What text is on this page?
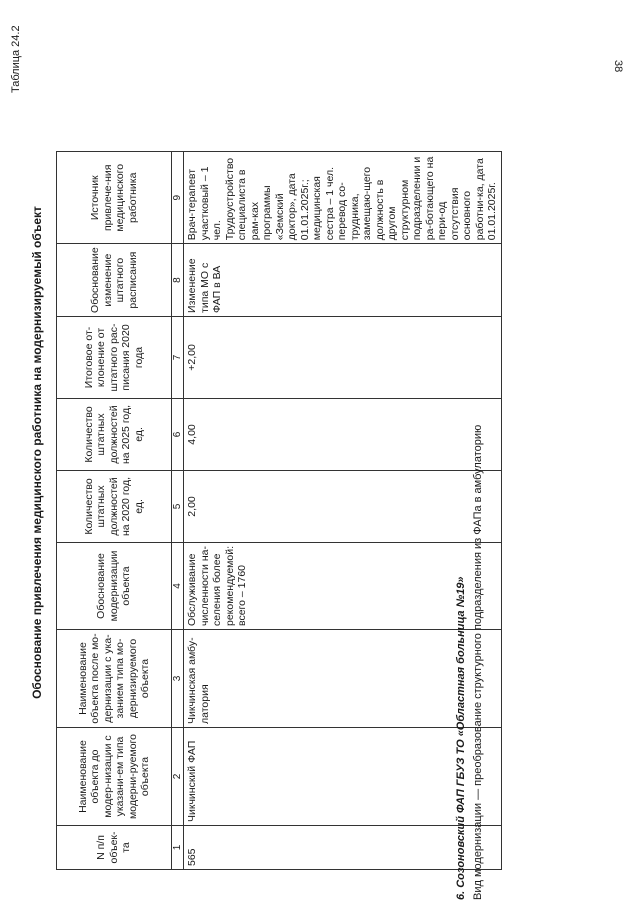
38
Таблица 24.2
Обоснование привлечения медицинского работника на модернизируемый объект
N п/п объек-та	Наименование объекта до модер-низации с указани-ем типа модерни-руемого объекта	Наименование объекта после мо-дернизации с ука-занием типа мо-дернизируемого объекта	Обоснование модернизации объекта	Количество штатных должностей на 2020 год, ед.	Количество штатных должностей на 2025 год, ед.	Итоговое от-клонение от штатного рас-писания 2020 года	Обоснование изменение штатного расписания	Источник привлече-ния медицинского работника
1	2	3	4	5	6	7	8	9
565	Чикчинский ФАП	Чикчинская амбу-латория	Обслуживание численности на-селения более рекомендуемой: всего – 1760	2,00	4,00	+2,00	Изменение типа МО с ФАП в ВА	Врач-терапевт участковый – 1 чел. Трудоустройство специалиста в рам-ках программы «Земский доктор», дата 01.01.2025г.; медицинская сестра – 1 чел. перевод со-трудника, замещаю-щего должность в другом структурном подразделении и ра-ботающего на пери-од отсутствия основного работни-ка, дата 01.01.2025г.
6. Созоновский ФАП ГБУЗ ТО «Областная больница №19» Вид модернизации — преобразование структурного подразделения из ФАПа в амбулаторию
